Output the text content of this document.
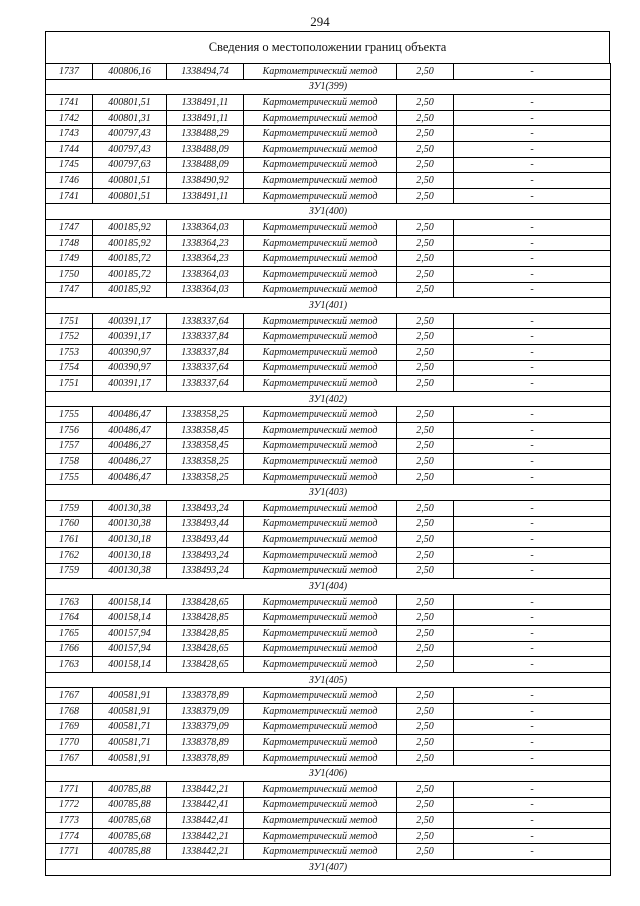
294
Сведения о местоположении границ объекта
1737	400806,16	1338494,74	Картометрический метод	2,50	-
ЗУ1(399)					
1741	400801,51	1338491,11	Картометрический метод	2,50	-
1742	400801,31	1338491,11	Картометрический метод	2,50	-
1743	400797,43	1338488,29	Картометрический метод	2,50	-
1744	400797,43	1338488,09	Картометрический метод	2,50	-
1745	400797,63	1338488,09	Картометрический метод	2,50	-
1746	400801,51	1338490,92	Картометрический метод	2,50	-
1741	400801,51	1338491,11	Картометрический метод	2,50	-
ЗУ1(400)					
1747	400185,92	1338364,03	Картометрический метод	2,50	-
1748	400185,92	1338364,23	Картометрический метод	2,50	-
1749	400185,72	1338364,23	Картометрический метод	2,50	-
1750	400185,72	1338364,03	Картометрический метод	2,50	-
1747	400185,92	1338364,03	Картометрический метод	2,50	-
ЗУ1(401)					
1751	400391,17	1338337,64	Картометрический метод	2,50	-
1752	400391,17	1338337,84	Картометрический метод	2,50	-
1753	400390,97	1338337,84	Картометрический метод	2,50	-
1754	400390,97	1338337,64	Картометрический метод	2,50	-
1751	400391,17	1338337,64	Картометрический метод	2,50	-
ЗУ1(402)					
1755	400486,47	1338358,25	Картометрический метод	2,50	-
1756	400486,47	1338358,45	Картометрический метод	2,50	-
1757	400486,27	1338358,45	Картометрический метод	2,50	-
1758	400486,27	1338358,25	Картометрический метод	2,50	-
1755	400486,47	1338358,25	Картометрический метод	2,50	-
ЗУ1(403)					
1759	400130,38	1338493,24	Картометрический метод	2,50	-
1760	400130,38	1338493,44	Картометрический метод	2,50	-
1761	400130,18	1338493,44	Картометрический метод	2,50	-
1762	400130,18	1338493,24	Картометрический метод	2,50	-
1759	400130,38	1338493,24	Картометрический метод	2,50	-
ЗУ1(404)					
1763	400158,14	1338428,65	Картометрический метод	2,50	-
1764	400158,14	1338428,85	Картометрический метод	2,50	-
1765	400157,94	1338428,85	Картометрический метод	2,50	-
1766	400157,94	1338428,65	Картометрический метод	2,50	-
1763	400158,14	1338428,65	Картометрический метод	2,50	-
ЗУ1(405)					
1767	400581,91	1338378,89	Картометрический метод	2,50	-
1768	400581,91	1338379,09	Картометрический метод	2,50	-
1769	400581,71	1338379,09	Картометрический метод	2,50	-
1770	400581,71	1338378,89	Картометрический метод	2,50	-
1767	400581,91	1338378,89	Картометрический метод	2,50	-
ЗУ1(406)					
1771	400785,88	1338442,21	Картометрический метод	2,50	-
1772	400785,88	1338442,41	Картометрический метод	2,50	-
1773	400785,68	1338442,41	Картометрический метод	2,50	-
1774	400785,68	1338442,21	Картометрический метод	2,50	-
1771	400785,88	1338442,21	Картометрический метод	2,50	-
ЗУ1(407)					
